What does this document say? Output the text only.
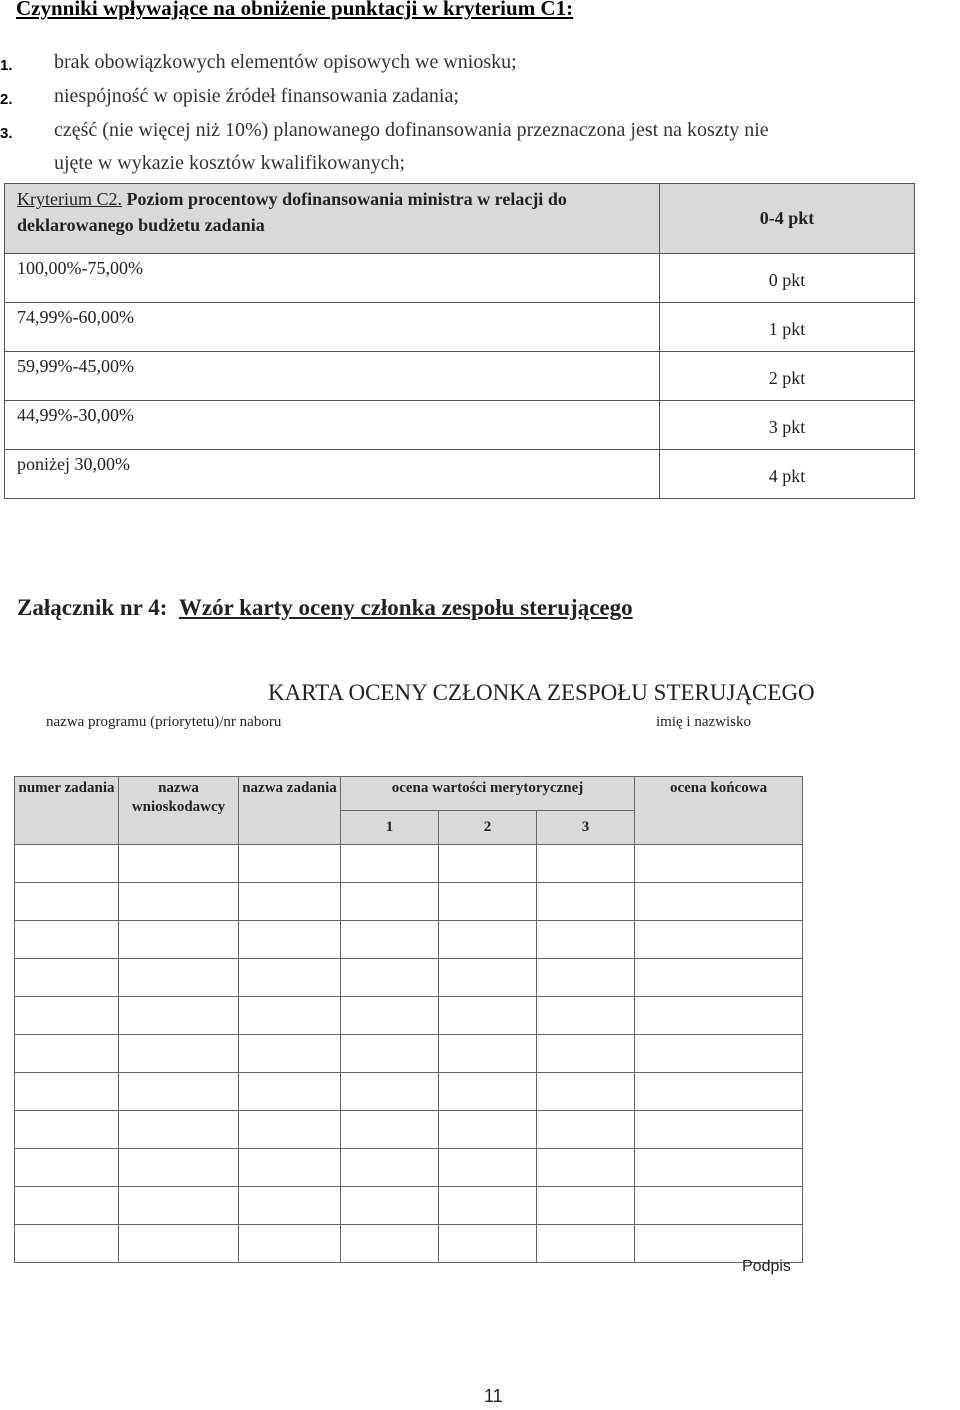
Czynniki wpływające na obniżenie punktacji w kryterium C1:
1. brak obowiązkowych elementów opisowych we wniosku;
2. niespójność w opisie źródeł finansowania zadania;
3. część (nie więcej niż 10%) planowanego dofinansowania przeznaczona jest na koszty nie
ujęte w wykazie kosztów kwalifikowanych;
Kryterium C2. Poziom procentowy dofinansowania ministra w relacji do deklarowanego budżetu zadania	0-4 pkt

100,00%-75,00%	0 pkt

74,99%-60,00%	1 pkt

59,99%-45,00%	2 pkt

44,99%-30,00%	3 pkt

poniżej 30,00%	4 pkt
Załącznik nr 4: Wzór karty oceny członka zespołu sterującego
KARTA OCENY CZŁONKA ZESPOŁU STERUJĄCEGO
nazwa programu (priorytetu)/nr naboru	imię i nazwisko
numer zadania	nazwa wnioskodawcy	nazwa zadania	ocena wartości merytorycznej			ocena końcowa
			1	2	3	

Podpis
11
